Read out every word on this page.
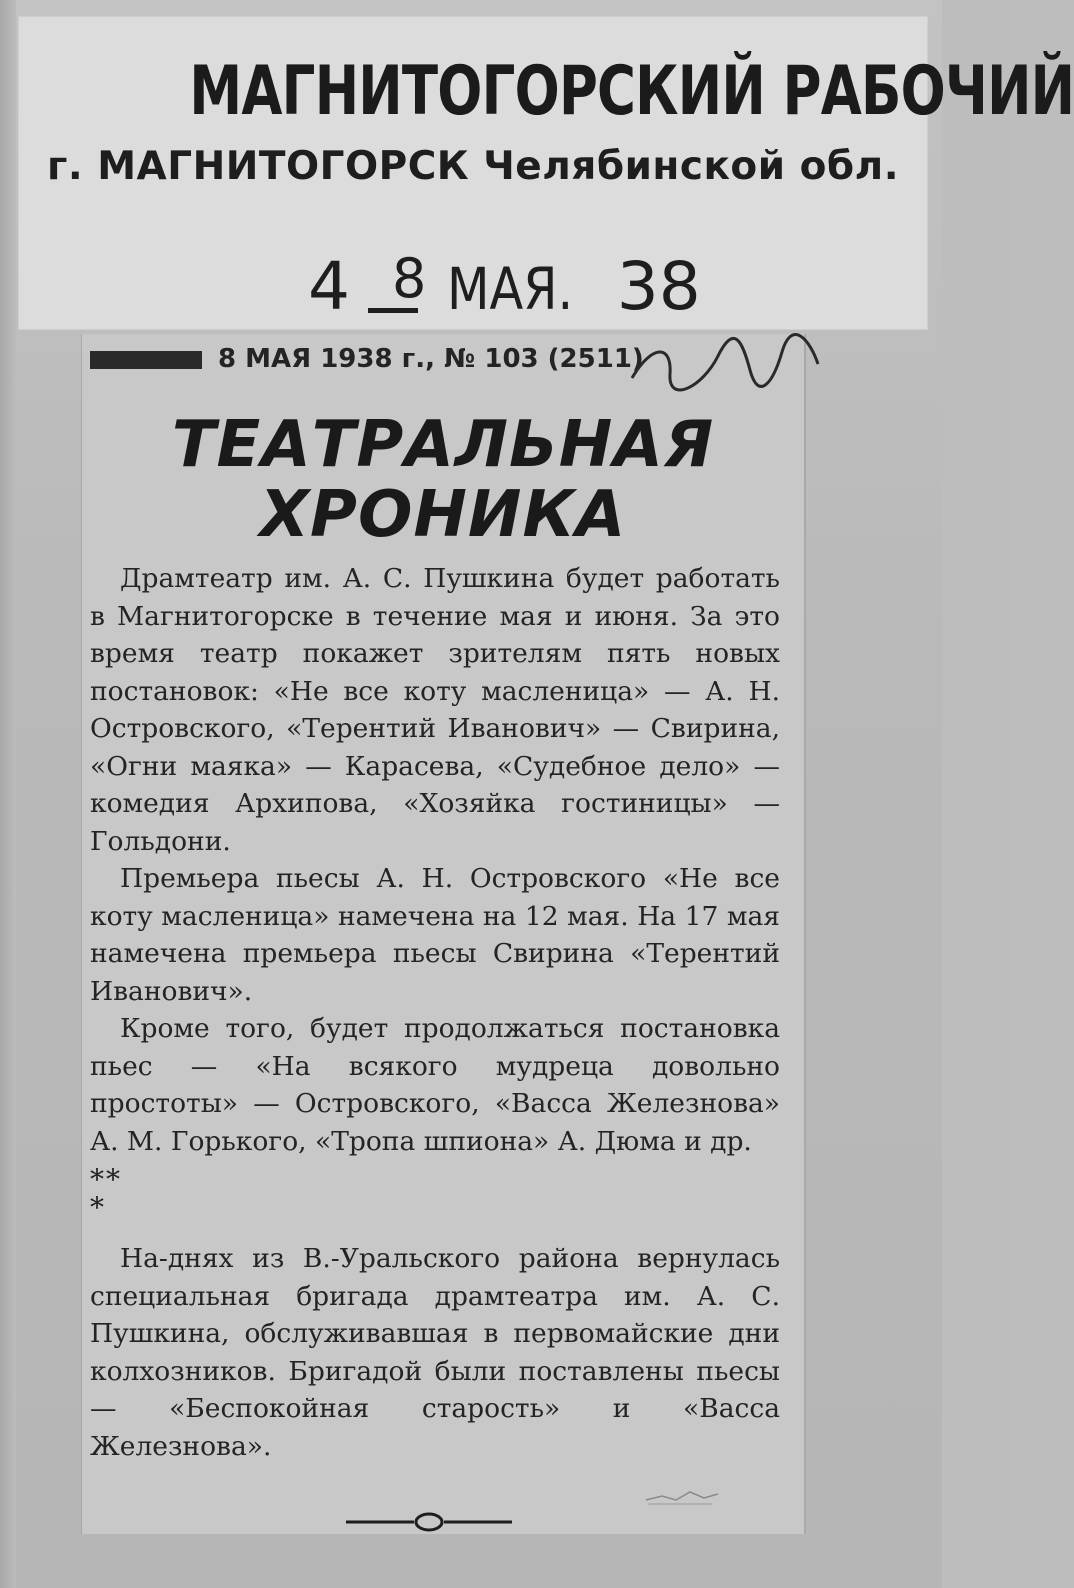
МАГНИТОГОРСКИЙ РАБОЧИЙ
г. МАГНИТОГОРСК Челябинской обл.
4 8 МАЯ. 38
8 МАЯ 1938 г., № 103 (2511)
ТЕАТРАЛЬНАЯ ХРОНИКА

Драмтеатр им. А. С. Пушкина будет работать в Магнитогорске в течение мая и июня. За это время театр покажет зрителям пять новых постановок: «Не все коту масленица» — А. Н. Островского, «Терентий Иванович» — Свирина, «Огни маяка» — Карасева, «Судебное дело» — комедия Архипова, «Хозяйка гостиницы» — Гольдони.

Премьера пьесы А. Н. Островского «Не все коту масленица» намечена на 12 мая. На 17 мая намечена премьера пьесы Свирина «Терентий Иванович».

Кроме того, будет продолжаться постановка пьес — «На всякого мудреца довольно простоты» — Островского, «Васса Железнова» А. М. Горького, «Тропа шпиона» А. Дюма и др.

**
*

На-днях из В.-Уральского района вернулась специальная бригада драмтеатра им. А. С. Пушкина, обслуживавшая в первомайские дни колхозников. Бригадой были поставлены пьесы — «Беспокойная старость» и «Васса Железнова».
